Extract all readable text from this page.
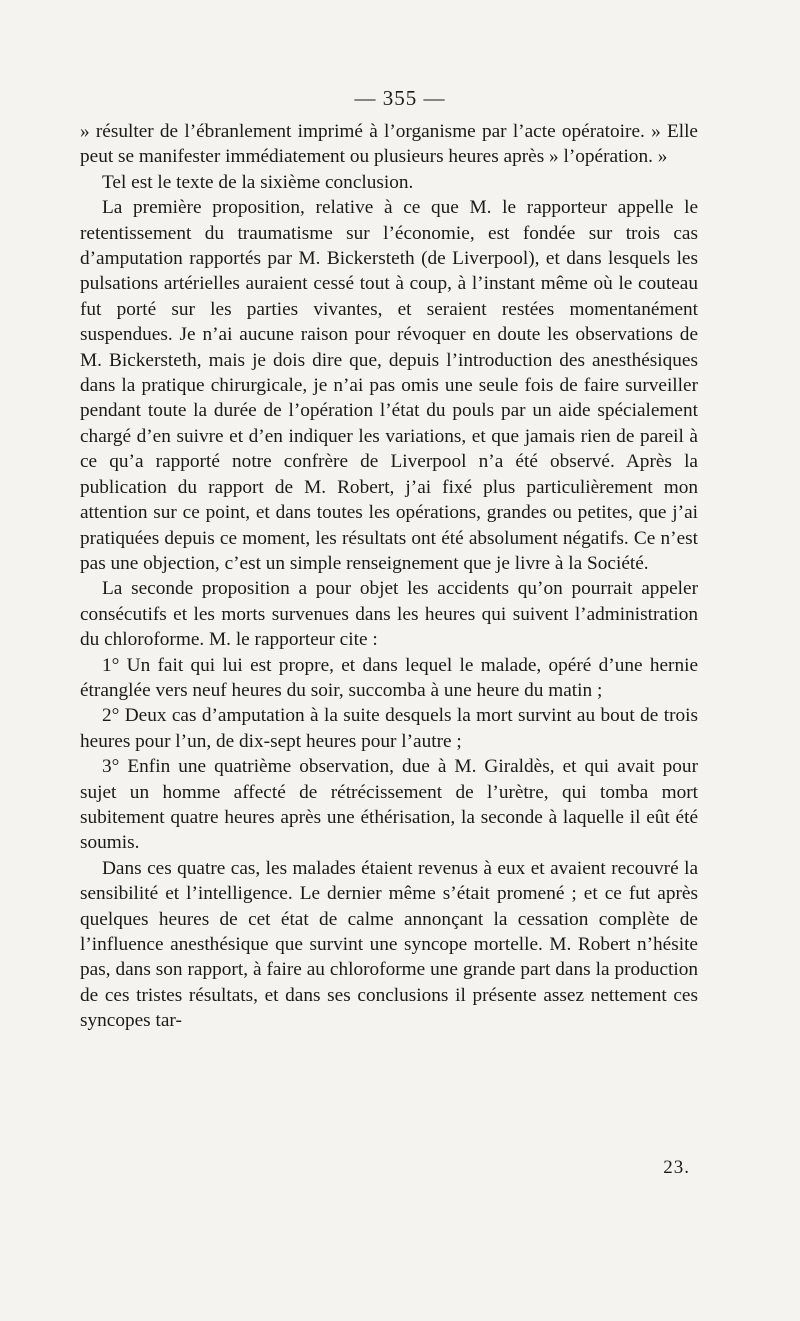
— 355 —

» résulter de l’ébranlement imprimé à l’organisme par l’acte opératoire. » Elle peut se manifester immédiatement ou plusieurs heures après » l’opération. »

Tel est le texte de la sixième conclusion.

La première proposition, relative à ce que M. le rapporteur appelle le retentissement du traumatisme sur l’économie, est fondée sur trois cas d’amputation rapportés par M. Bickersteth (de Liverpool), et dans lesquels les pulsations artérielles auraient cessé tout à coup, à l’instant même où le couteau fut porté sur les parties vivantes, et seraient restées momentanément suspendues. Je n’ai aucune raison pour révoquer en doute les observations de M. Bickersteth, mais je dois dire que, depuis l’introduction des anesthésiques dans la pratique chirurgicale, je n’ai pas omis une seule fois de faire surveiller pendant toute la durée de l’opération l’état du pouls par un aide spécialement chargé d’en suivre et d’en indiquer les variations, et que jamais rien de pareil à ce qu’a rapporté notre confrère de Liverpool n’a été observé. Après la publication du rapport de M. Robert, j’ai fixé plus particulièrement mon attention sur ce point, et dans toutes les opérations, grandes ou petites, que j’ai pratiquées depuis ce moment, les résultats ont été absolument négatifs. Ce n’est pas une objection, c’est un simple renseignement que je livre à la Société.

La seconde proposition a pour objet les accidents qu’on pourrait appeler consécutifs et les morts survenues dans les heures qui suivent l’administration du chloroforme. M. le rapporteur cite :

1° Un fait qui lui est propre, et dans lequel le malade, opéré d’une hernie étranglée vers neuf heures du soir, succomba à une heure du matin ;

2° Deux cas d’amputation à la suite desquels la mort survint au bout de trois heures pour l’un, de dix-sept heures pour l’autre ;

3° Enfin une quatrième observation, due à M. Giraldès, et qui avait pour sujet un homme affecté de rétrécissement de l’urètre, qui tomba mort subitement quatre heures après une éthérisation, la seconde à laquelle il eût été soumis.

Dans ces quatre cas, les malades étaient revenus à eux et avaient recouvré la sensibilité et l’intelligence. Le dernier même s’était promené ; et ce fut après quelques heures de cet état de calme annonçant la cessation complète de l’influence anesthésique que survint une syncope mortelle. M. Robert n’hésite pas, dans son rapport, à faire au chloroforme une grande part dans la production de ces tristes résultats, et dans ses conclusions il présente assez nettement ces syncopes tar-

23.
